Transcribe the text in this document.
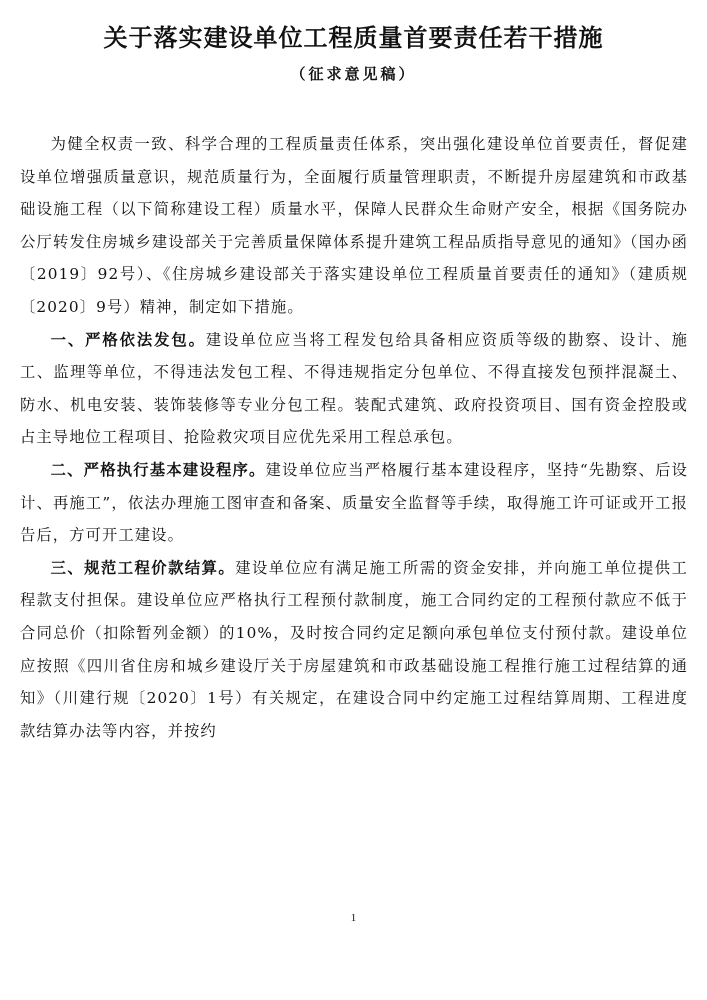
关于落实建设单位工程质量首要责任若干措施
（征求意见稿）

为健全权责一致、科学合理的工程质量责任体系，突出强化建设单位首要责任，督促建设单位增强质量意识，规范质量行为，全面履行质量管理职责，不断提升房屋建筑和市政基础设施工程（以下简称建设工程）质量水平，保障人民群众生命财产安全，根据《国务院办公厅转发住房城乡建设部关于完善质量保障体系提升建筑工程品质指导意见的通知》（国办函〔2019〕92号）、《住房城乡建设部关于落实建设单位工程质量首要责任的通知》（建质规〔2020〕9号）精神，制定如下措施。

一、严格依法发包。建设单位应当将工程发包给具备相应资质等级的勘察、设计、施工、监理等单位，不得违法发包工程、不得违规指定分包单位、不得直接发包预拌混凝土、防水、机电安装、装饰装修等专业分包工程。装配式建筑、政府投资项目、国有资金控股或占主导地位工程项目、抢险救灾项目应优先采用工程总承包。

二、严格执行基本建设程序。建设单位应当严格履行基本建设程序，坚持“先勘察、后设计、再施工”，依法办理施工图审查和备案、质量安全监督等手续，取得施工许可证或开工报告后，方可开工建设。

三、规范工程价款结算。建设单位应有满足施工所需的资金安排，并向施工单位提供工程款支付担保。建设单位应严格执行工程预付款制度，施工合同约定的工程预付款应不低于合同总价（扣除暂列金额）的10%，及时按合同约定足额向承包单位支付预付款。建设单位应按照《四川省住房和城乡建设厅关于房屋建筑和市政基础设施工程推行施工过程结算的通知》（川建行规〔2020〕1号）有关规定，在建设合同中约定施工过程结算周期、工程进度款结算办法等内容，并按约

1
